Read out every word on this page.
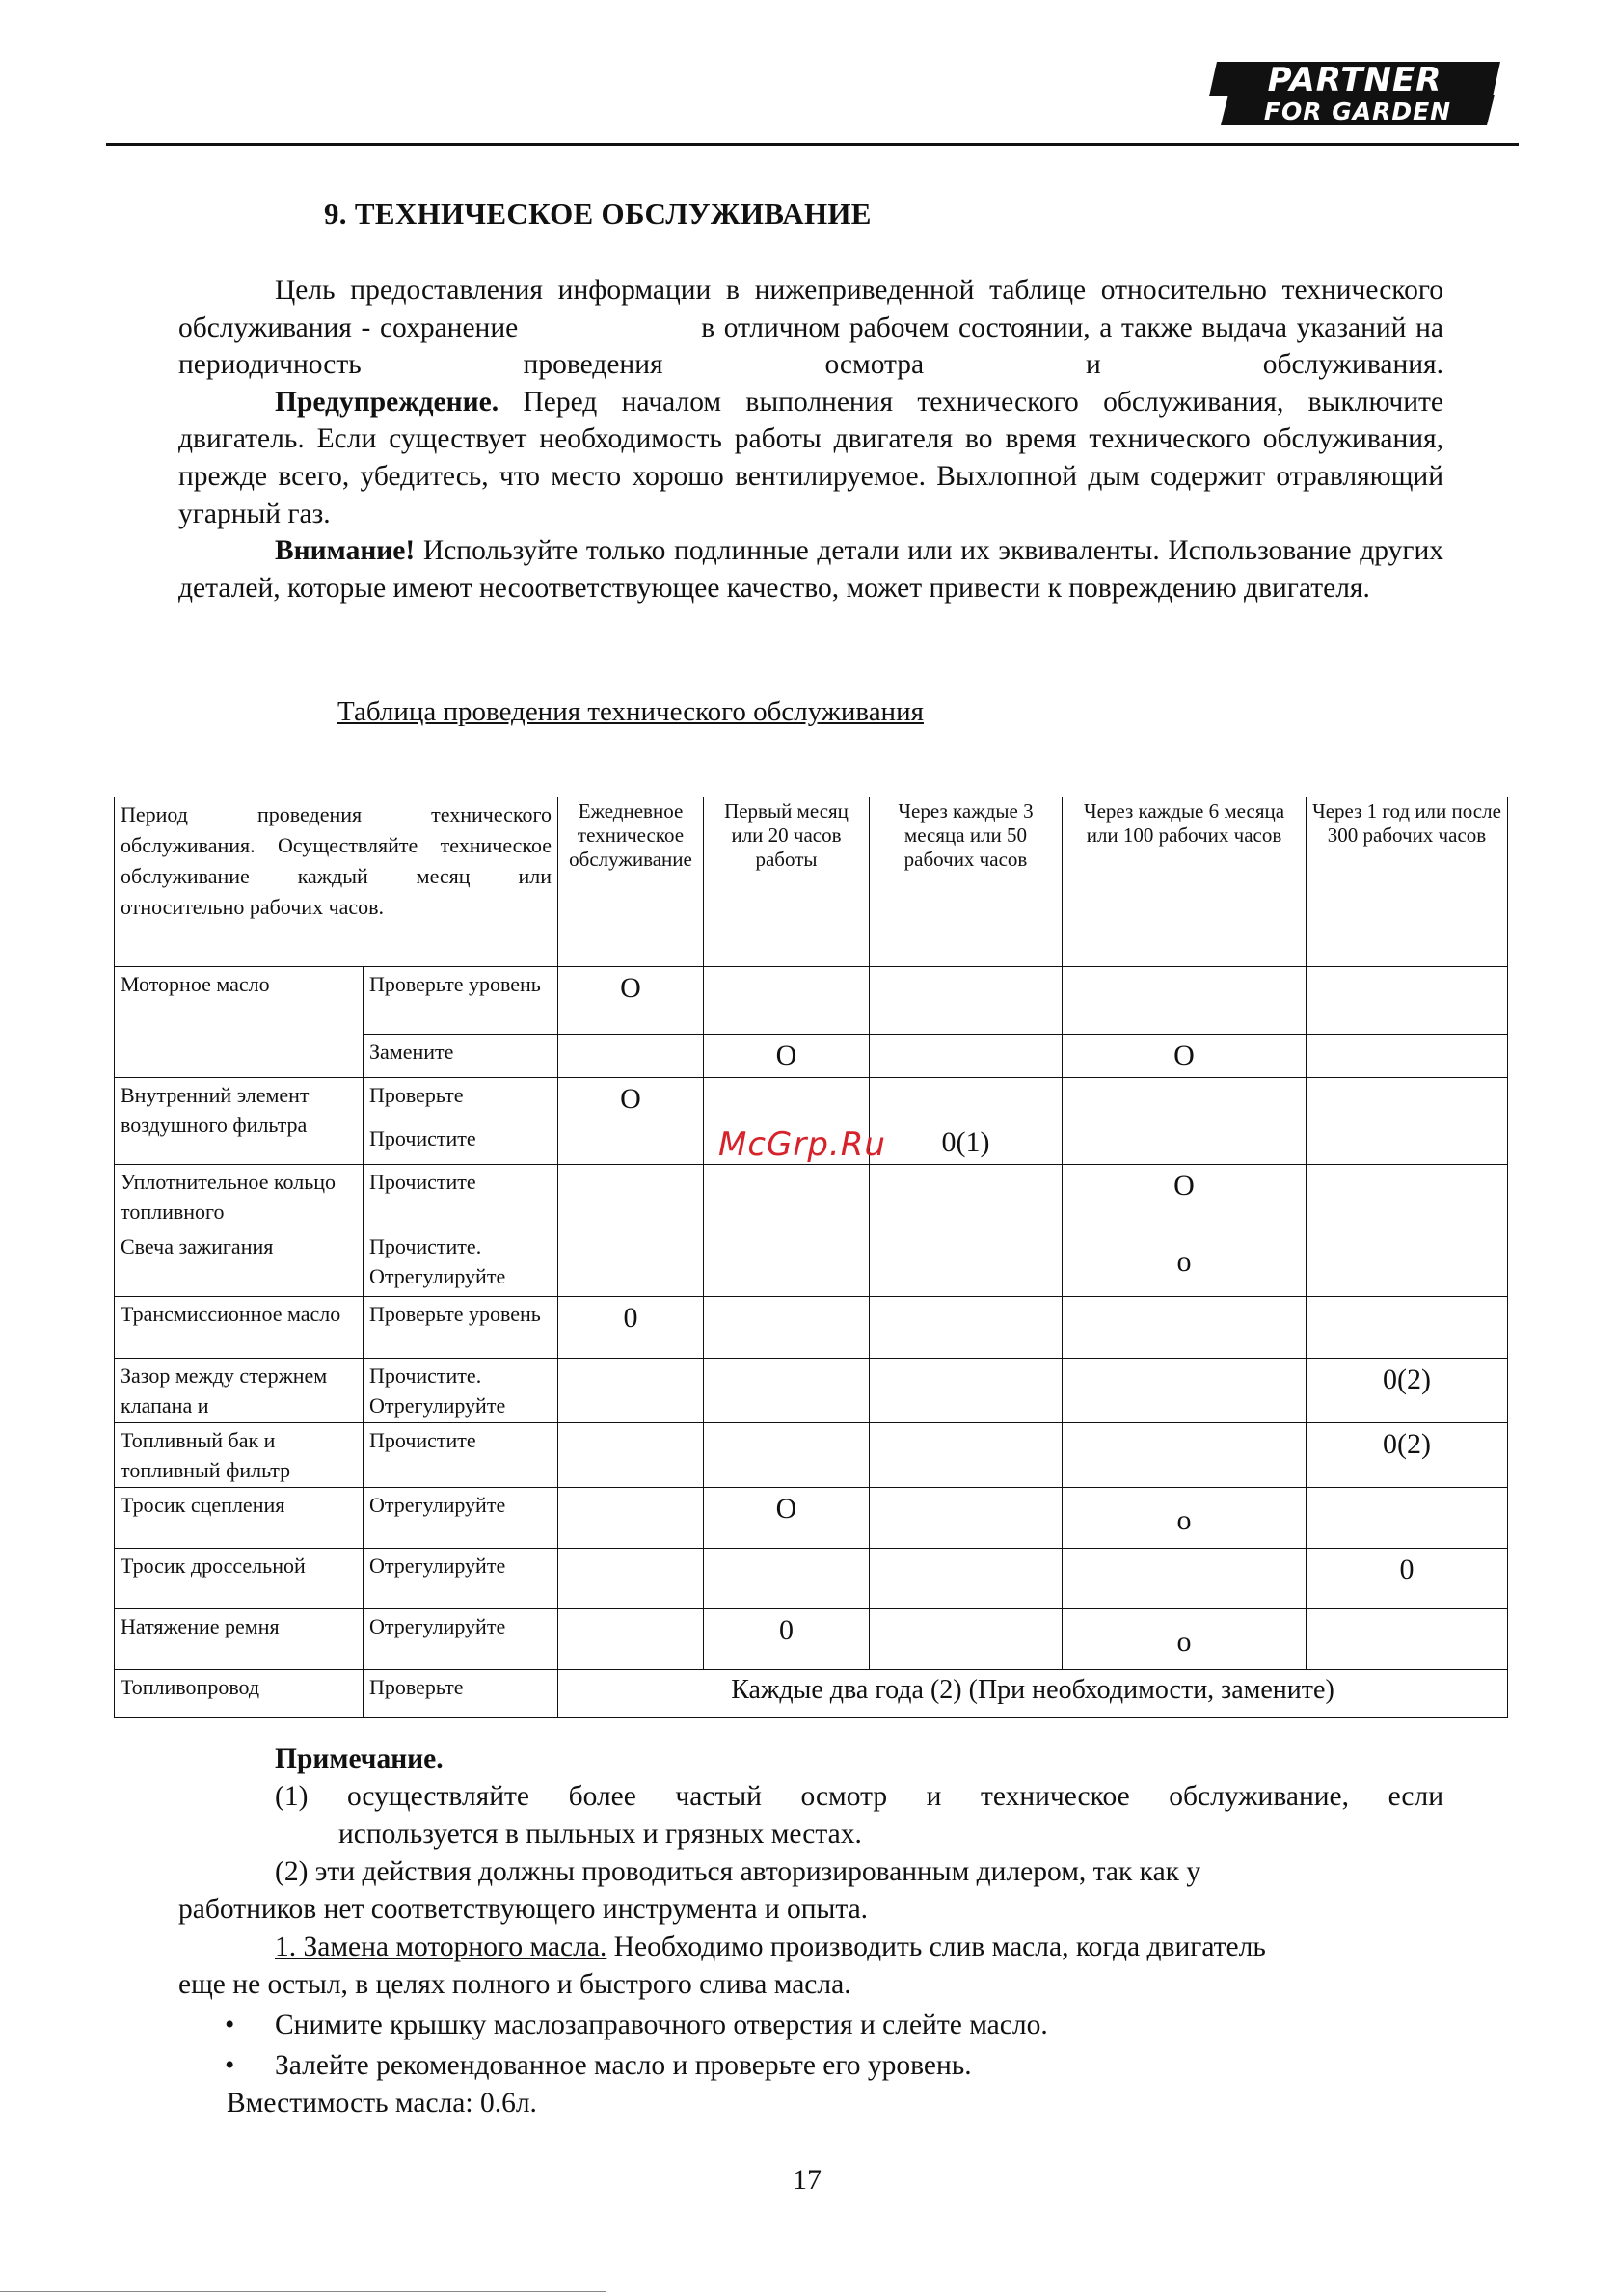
PARTNER
FOR GARDEN
9. ТЕХНИЧЕСКОЕ ОБСЛУЖИВАНИЕ

Цель предоставления информации в нижеприведенной таблице относительно технического обслуживания - сохранение	в отличном рабочем состоянии, а также выдача указаний на периодичность проведения осмотра и обслуживания.

Предупреждение. Перед началом выполнения технического обслуживания, выключите двигатель. Если существует необходимость работы двигателя во время технического обслуживания, прежде всего, убедитесь, что место хорошо вентилируемое. Выхлопной дым содержит отравляющий угарный газ.

Внимание! Используйте только подлинные детали или их эквиваленты. Использование других деталей, которые имеют несоответствующее качество, может привести к повреждению двигателя.

Таблица проведения технического обслуживания
Период проведения технического обслуживания. Осуществляйте техническое обслуживание каждый месяц или относительно рабочих часов.		Ежедневное техническое обслуживание	Первый месяц или 20 часов работы	Через каждые 3 месяца или 50 рабочих часов	Через каждые 6 месяца или 100 рабочих часов	Через 1 год или после 300 рабочих часов
Моторное масло	Проверьте уровень	O				
	Замените		O		O	
Внутренний элемент воздушного фильтра	Проверьте	O				
	Прочистите			0(1)		
Уплотнительное кольцо топливного	Прочистите				O	
Свеча зажигания	Прочистите. Отрегулируйте				o	
Трансмиссионное масло	Проверьте уровень	0				
Зазор между стержнем клапана и	Прочистите. Отрегулируйте					0(2)
Топливный бак и топливный фильтр	Прочистите					0(2)
Тросик сцепления	Отрегулируйте		O		o	
Тросик дроссельной	Отрегулируйте					0
Натяжение ремня	Отрегулируйте		0		o	
Топливопровод	Проверьте	Каждые два года (2) (При необходимости, замените)				
McGrp.Ru

Примечание.

(1) осуществляйте более частый осмотр и техническое обслуживание, если

используется в пыльных и грязных местах.

(2) эти действия должны проводиться авторизированным дилером, так как у

работников нет соответствующего инструмента и опыта.

1. Замена моторного масла. Необходимо производить слив масла, когда двигатель

еще не остыл, в целях полного и быстрого слива масла.

• Снимите крышку маслозаправочного отверстия и слейте масло.

• Залейте рекомендованное масло и проверьте его уровень.

Вместимость масла: 0.6л.

17
